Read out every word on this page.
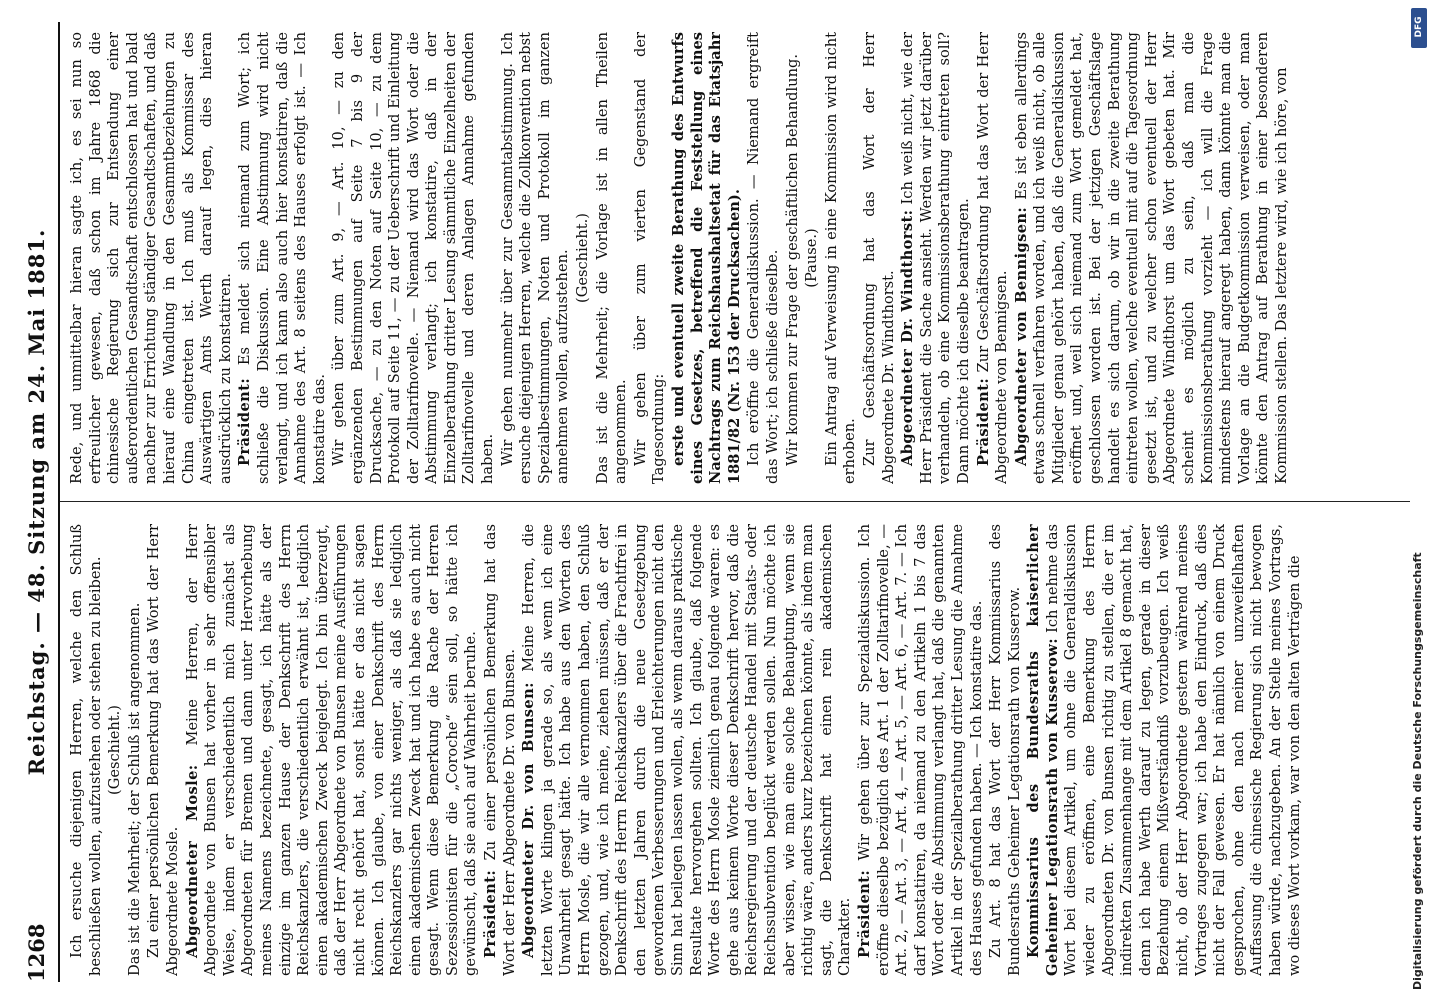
1268
Reichstag. — 48. Sitzung am 24. Mai 1881. Ich ersuche diejenigen Herren, welche den Schluß beschließen wollen, aufzustehen oder stehen zu bleiben. (Geschieht.) Das ist die Mehrheit; der Schluß ist angenommen. Zu einer persönlichen Bemerkung hat das Wort der Herr Abgeordnete Mosle. Abgeordneter Mosle: Meine Herren, der Herr Abgeordnete von Bunsen hat vorher in sehr offensibler Weise, indem er verschiedentlich mich zunächst als Abgeordneten für Bremen und dann unter Hervorhebung meines Namens bezeichnete, gesagt, ich hätte als der einzige im ganzen Hause der Denkschrift des Herrn Reichskanzlers, die verschiedentlich erwähnt ist, lediglich einen akademischen Zweck beigelegt. Ich bin überzeugt, daß der Herr Abgeordnete von Bunsen meine Ausführungen nicht recht gehört hat, sonst hätte er das nicht sagen können. Ich glaube, von einer Denkschrift des Herrn Reichskanzlers gar nichts weniger, als daß sie lediglich einen akademischen Zweck hat und ich habe es auch nicht gesagt. Wenn diese Bemerkung die Rache der Herren Sezessionisten für die „Coroche“ sein soll, so hätte ich gewünscht, daß sie auch auf Wahrheit beruhe. Präsident: Zu einer persönlichen Bemerkung hat das Wort der Herr Abgeordnete Dr. von Bunsen. Abgeordneter Dr. von Bunsen: Meine Herren, die letzten Worte klingen ja gerade so, als wenn ich eine Unwahrheit gesagt hätte. Ich habe aus den Worten des Herrn Mosle, die wir alle vernommen haben, den Schluß gezogen, und, wie ich meine, ziehen müssen, daß er der Denkschrift des Herrn Reichskanzlers über die Frachtfrei in den letzten Jahren durch die neue Gesetzgebung gewordenen Verbesserungen und Erleichterungen nicht den Sinn hat beilegen lassen wollen, als wenn daraus praktische Resultate hervorgehen sollten. Ich glaube, daß folgende Worte des Herrn Mosle ziemlich genau folgende waren: es gehe aus keinem Worte dieser Denkschrift hervor, daß die Reichsregierung und der deutsche Handel mit Staats- oder Reichssubvention beglückt werden sollen. Nun möchte ich aber wissen, wie man eine solche Behauptung, wenn sie richtig wäre, anders kurz bezeichnen könnte, als indem man sagt, die Denkschrift hat einen rein akademischen Charakter. Präsident: Wir gehen über zur Spezialdiskussion. Ich eröffne dieselbe bezüglich des Art. 1 der Zolltarifnovelle, — Art. 2, — Art. 3, — Art. 4, — Art. 5, — Art. 6, — Art. 7. — Ich darf konstatiren, da niemand zu den Artikeln 1 bis 7 das Wort oder die Abstimmung verlangt hat, daß die genannten Artikel in der Spezialberathung dritter Lesung die Annahme des Hauses gefunden haben. — Ich konstatire das. Zu Art. 8 hat das Wort der Herr Kommissarius des Bundesraths Geheimer Legationsrath von Kusserow. Kommissarius des Bundesraths kaiserlicher Geheimer Legationsrath von Kusserow: Ich nehme das Wort bei diesem Artikel, um ohne die Generaldiskussion wieder zu eröffnen, eine Bemerkung des Herrn Abgeordneten Dr. von Bunsen richtig zu stellen, die er im indirekten Zusammenhange mit dem Artikel 8 gemacht hat, denn ich habe Werth darauf zu legen, gerade in dieser Beziehung einem Mißverständniß vorzubeugen. Ich weiß nicht, ob der Herr Abgeordnete gestern während meines Vortrages zugegen war; ich habe den Eindruck, daß dies nicht der Fall gewesen. Er hat nämlich von einem Druck gesprochen, ohne den nach meiner unzweifelhaften Auffassung die chinesische Regierung sich nicht bewogen haben würde, nachzugeben. An der Stelle meines Vortrags, wo dieses Wort vorkam, war von den alten Verträgen die

Rede, und unmittelbar hieran sagte ich, es sei nun so erfreulicher gewesen, daß schon im Jahre 1868 die chinesische Regierung sich zur Entsendung einer außerordentlichen Gesandtschaft entschlossen hat und bald nachher zur Errichtung ständiger Gesandtschaften, und daß hierauf eine Wandlung in den Gesammtbeziehungen zu China eingetreten ist. Ich muß als Kommissar des Auswärtigen Amts Werth darauf legen, dies hieran ausdrücklich zu konstatiren. Präsident: Es meldet sich niemand zum Wort; ich schließe die Diskussion. Eine Abstimmung wird nicht verlangt, und ich kann also auch hier konstatiren, daß die Annahme des Art. 8 seitens des Hauses erfolgt ist. — Ich konstatire das. Wir gehen über zum Art. 9, — Art. 10, — zu den ergänzenden Bestimmungen auf Seite 7 bis 9 der Drucksache, — zu den Noten auf Seite 10, — zu dem Protokoll auf Seite 11, — zu der Ueberschrift und Einleitung der Zolltarifnovelle. — Niemand wird das Wort oder die Abstimmung verlangt; ich konstatire, daß in der Einzelberathung dritter Lesung sämmtliche Einzelheiten der Zolltarifnovelle und deren Anlagen Annahme gefunden haben. Wir gehen nunmehr über zur Gesammtabstimmung. Ich ersuche diejenigen Herren, welche die Zollkonvention nebst Spezialbestimmungen, Noten und Protokoll im ganzen annehmen wollen, aufzustehen. (Geschieht.) Das ist die Mehrheit; die Vorlage ist in allen Theilen angenommen. Wir gehen über zum vierten Gegenstand der Tagesordnung: erste und eventuell zweite Berathung des Entwurfs eines Gesetzes, betreffend die Feststellung eines Nachtrags zum Reichshaushaltsetat für das Etatsjahr 1881/82 (Nr. 153 der Drucksachen). Ich eröffne die Generaldiskussion. — Niemand ergreift das Wort; ich schließe dieselbe. Wir kommen zur Frage der geschäftlichen Behandlung. (Pause.) Ein Antrag auf Verweisung in eine Kommission wird nicht erhoben. Zur Geschäftsordnung hat das Wort der Herr Abgeordnete Dr. Windthorst. Abgeordneter Dr. Windthorst: Ich weiß nicht, wie der Herr Präsident die Sache ansieht. Werden wir jetzt darüber verhandeln, ob eine Kommissionsberathung eintreten soll? Dann möchte ich dieselbe beantragen. Präsident: Zur Geschäftsordnung hat das Wort der Herr Abgeordnete von Bennigsen. Abgeordneter von Bennigsen: Es ist eben allerdings etwas schnell verfahren worden, und ich weiß nicht, ob alle Mitglieder genau gehört haben, daß die Generaldiskussion eröffnet und, weil sich niemand zum Wort gemeldet hat, geschlossen worden ist. Bei der jetzigen Geschäftslage handelt es sich darum, ob wir in die zweite Berathung eintreten wollen, welche eventuell mit auf die Tagesordnung gesetzt ist, und zu welcher schon eventuell der Herr Abgeordnete Windthorst um das Wort gebeten hat. Mir scheint es möglich zu sein, daß man die Kommissionsberathung vorzieht — ich will die Frage mindestens hierauf angeregt haben, dann könnte man die Vorlage an die Budgetkommission verweisen, oder man könnte den Antrag auf Berathung in einer besonderen Kommission stellen. Das letztere wird, wie ich höre, von

Digitalisierung gefördert durch die Deutsche Forschungsgemeinschaft
DFG
